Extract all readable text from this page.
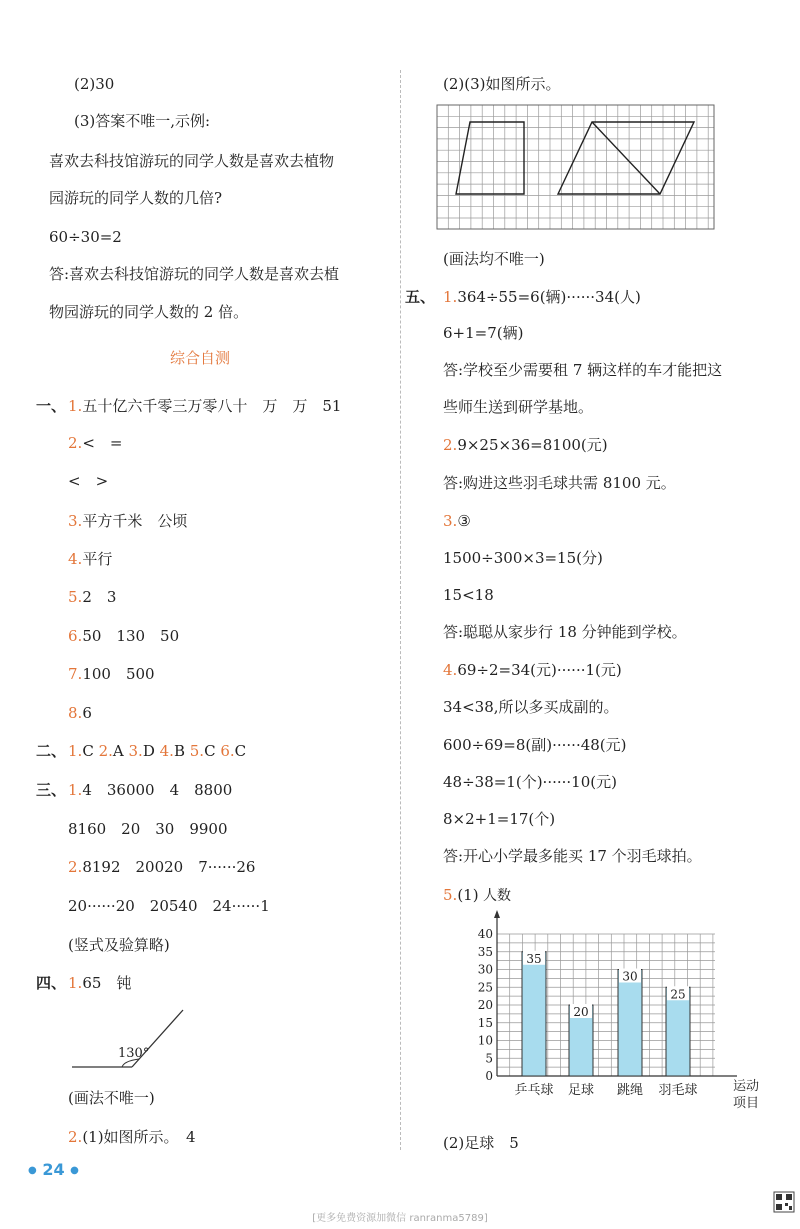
(2)30
(3)答案不唯一,示例:
喜欢去科技馆游玩的同学人数是喜欢去植物
园游玩的同学人数的几倍?
60÷30=2
答:喜欢去科技馆游玩的同学人数是喜欢去植
物园游玩的同学人数的 2 倍。
综合自测
一、 1.五十亿六千零三万零八十　万　万　51
2.<　=
<　>
3.平方千米　公顷
4.平行
5.2　3
6.50　130　50
7.100　500
8.6
二、 1.C 2.A 3.D 4.B 5.C 6.C
三、 1.4　36000　4　8800
8160　20　30　9900
2.8192　20020　7······26
20······20　20540　24······1
(竖式及验算略)
四、 1.65　钝
130°
(画法不唯一)
2.(1)如图所示。　4
● 24 ●
(2)(3)如图所示。
(画法均不唯一)
五、 1.364÷55=6(辆)······34(人)
6+1=7(辆)
答:学校至少需要租 7 辆这样的车才能把这
些师生送到研学基地。
2.9×25×36=8100(元)
答:购进这些羽毛球共需 8100 元。
3.③
1500÷300×3=15(分)
15<18
答:聪聪从家步行 18 分钟能到学校。
4.69÷2=34(元)······1(元)
34<38,所以多买成副的。
600÷69=8(副)······48(元)
48÷38=1(个)······10(元)
8×2+1=17(个)
答:开心小学最多能买 17 个羽毛球拍。
5.(1)
0
5
10
15
20
25
30
35
40
人数
运动
项目
35
乒乓球
20
足球
30
跳绳
25
羽毛球
(2)足球　5
[更多免费资源加微信 ranranma5789]
